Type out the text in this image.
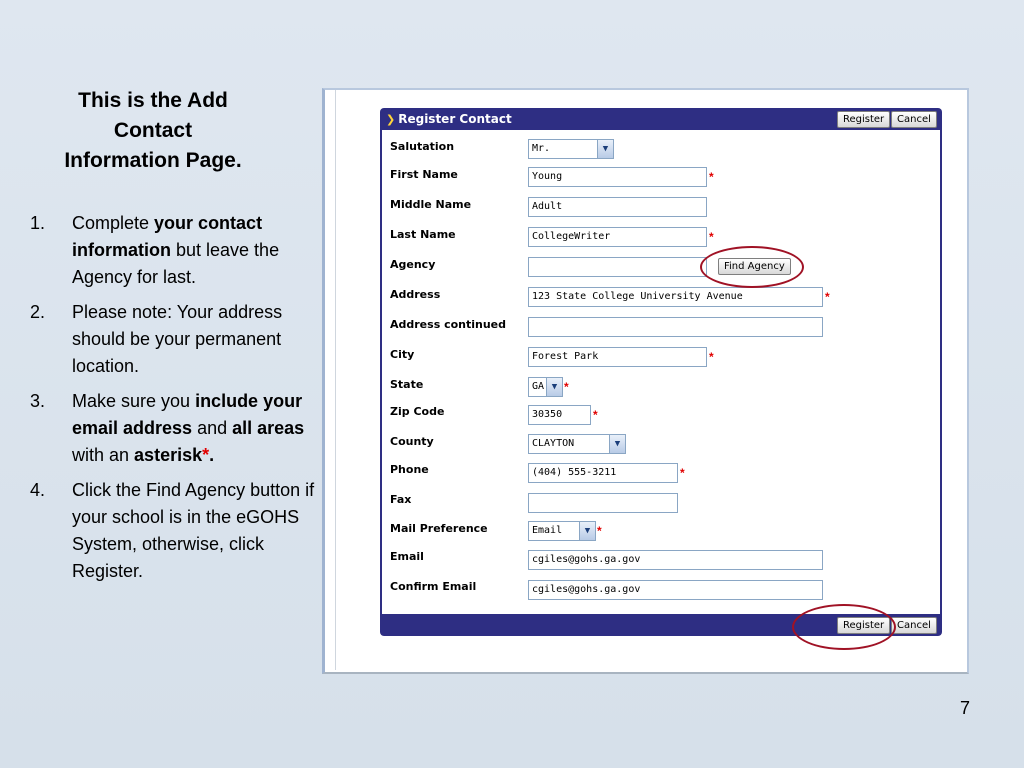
This is the Add
Contact
Information Page.
1. Complete your contact information but leave the Agency for last.
2. Please note: Your address should be your permanent location.
3. Make sure you include your email address and all areas with an asterisk*.
4. Click the Find Agency button if your school is in the eGOHS System, otherwise, click Register.
7
❯ Register Contact	Register	Cancel
Salutation	Mr.	▼
First Name	Young	*
Middle Name	Adult
Last Name	CollegeWriter	*
Agency	Find Agency
Address	123 State College University Avenue	*
Address continued
City	Forest Park	*
State	GA ▼ *
Zip Code	30350	*
County	CLAYTON	▼
Phone	(404) 555-3211	*
Fax
Mail Preference	Email	▼ *
Email	cgiles@gohs.ga.gov
Confirm Email	cgiles@gohs.ga.gov
Register	Cancel
